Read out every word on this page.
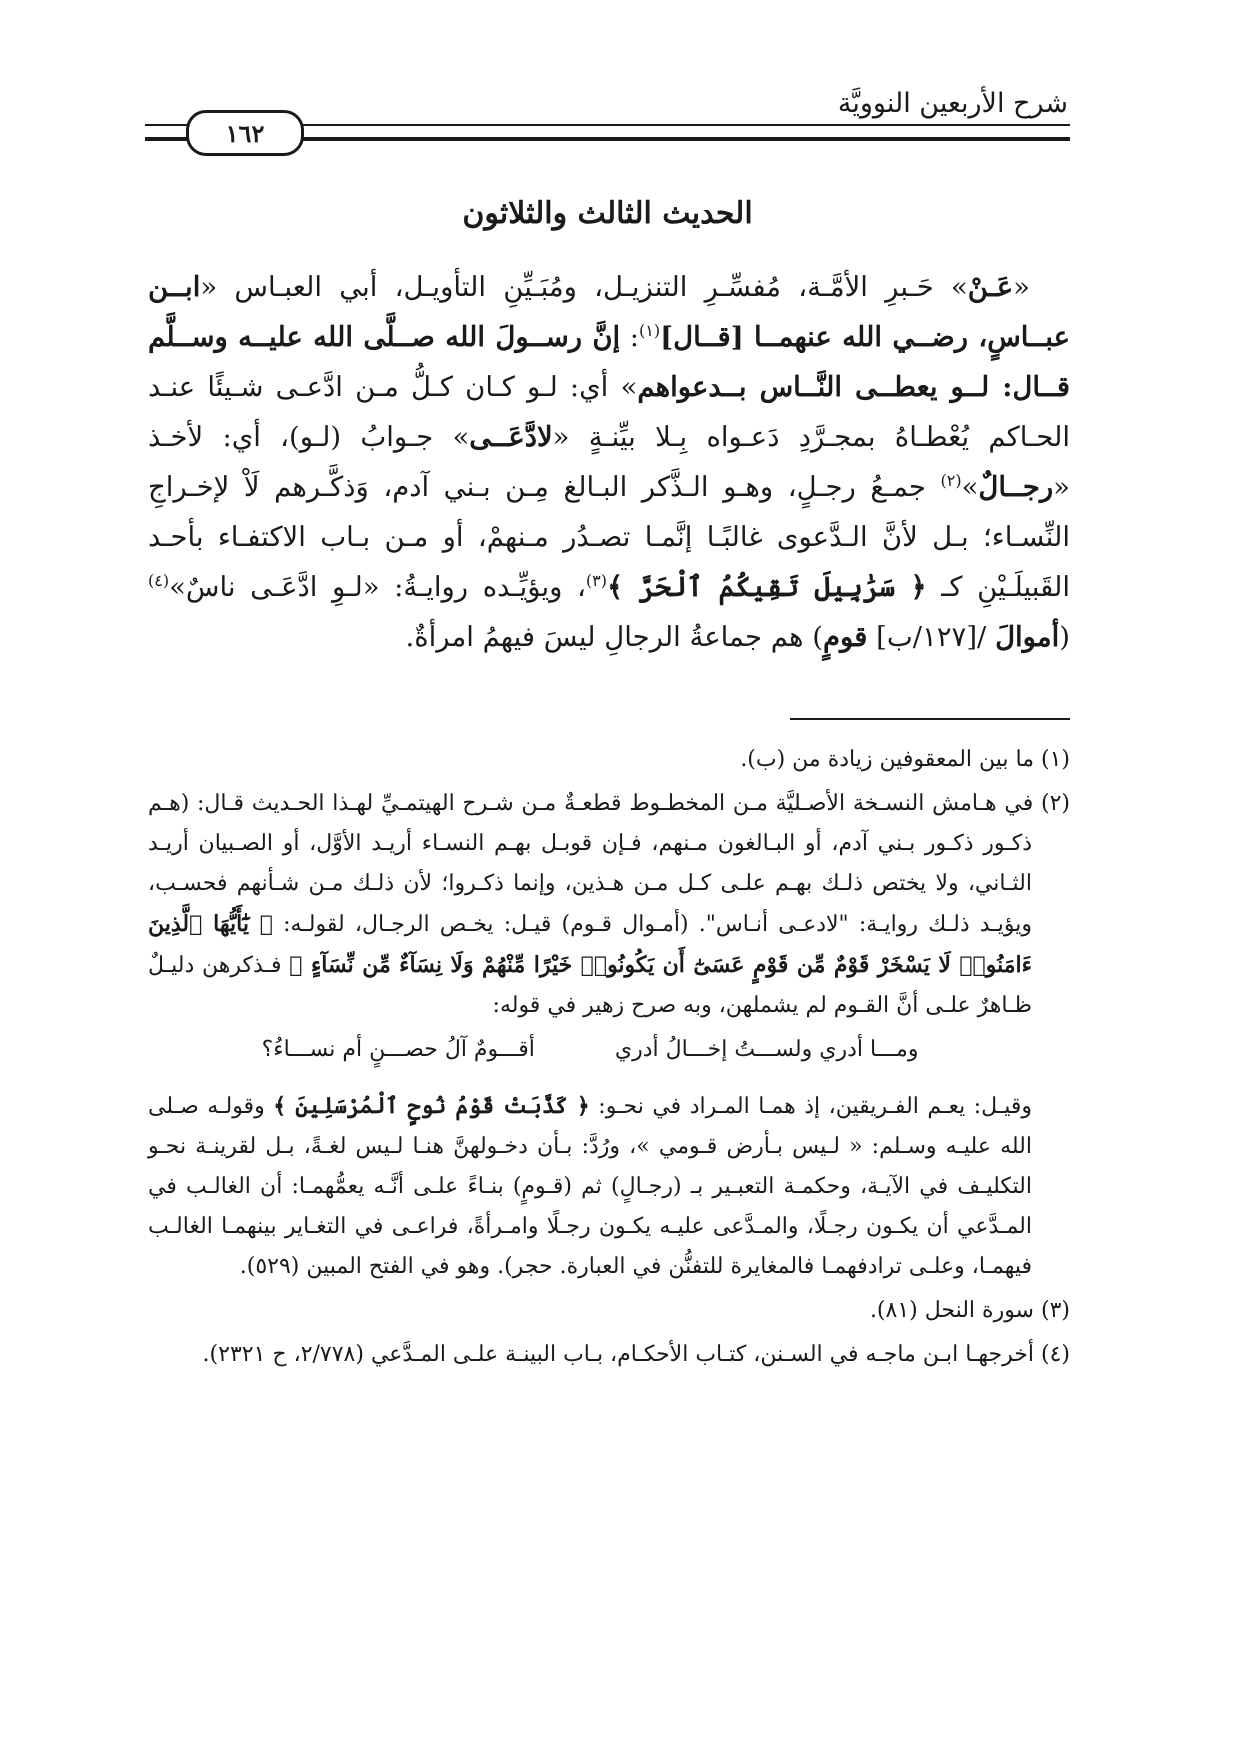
شرح الأربعين النوويَّة
١٦٢
الحديث الثالث والثلاثون

«عَـنْ» حَـبرِ الأمَّـة، مُفسِّـرِ التنزيـل، ومُبَـيِّنِ التأويـل، أبي العبـاس «ابــن عبــاسٍ، رضــي الله عنهمــا [قــال]$^{(١)}$: إنَّ رســولَ الله صــلَّى الله عليــه وســلَّم قــال: لــو يعطــى النَّــاس بــدعواهم» أي: لـو كـان كـلُّ مـن ادَّعـى شـيئًا عنـد الحـاكم يُعْطـاهُ بمجـرَّدِ دَعـواه بِـلا بيِّنـةٍ «لادَّعَــى» جـوابُ (لـو)، أي: لأخـذ «رجــالٌ»$^{(٢)}$ جمـعُ رجـلٍ، وهـو الـذَّكر البـالغ مِـن بـني آدم، وَذكَّـرهم لَاْ لإخـراجِ النِّسـاء؛ بـل لأنَّ الـدَّعوى غالبًـا إنَّمـا تصـدُر مـنهمْ، أو مـن بـاب الاكتفـاء بأحـد القَبيلَـيْنِ كـ ﴿ سَرَٰبِيلَ تَقِيكُمُ ٱلْحَرَّ ﴾$^{(٣)}$، ويؤيِّـده روايـةُ: «لـوِ ادَّعَـى ناسٌ»$^{(٤)}$ (أموالَ /[١٢٧/ب] قومٍ) هم جماعةُ الرجالِ ليسَ فيهمُ امرأةٌ.

(١) ما بين المعقوفين زيادة من (ب).

(٢) في هـامش النسـخة الأصـليَّة مـن المخطـوط قطعـةٌ مـن شـرح الهيتمـيِّ لهـذا الحـديث قـال: (هـم ذكـور ذكـور بـني آدم، أو البـالغون مـنهم، فـإن قوبـل بهـم النسـاء أريـد الأوَّل، أو الصـبيان أريـد الثـاني، ولا يختص ذلـك بهـم علـى كـل مـن هـذين، وإنما ذكـروا؛ لأن ذلـك مـن شـأنهم فحسـب، ويؤيـد ذلـك روايـة: "لادعـى أنـاس". (أمـوال قـوم) قيـل: يخـص الرجـال، لقولـه: ﴿ يَٰٓأَيُّهَا ٱلَّذِينَ ءَامَنُوا۟ لَا يَسْخَرْ قَوْمٌ مِّن قَوْمٍ عَسَىٰٓ أَن يَكُونُوا۟ خَيْرًا مِّنْهُمْ وَلَا نِسَآءٌ مِّن نِّسَآءٍ ﴾ فـذكرهن دليـلٌ ظـاهرٌ علـى أنَّ القـوم لم يشملهن، وبه صرح زهير في قوله:
ومـــا أدري ولســـتُ إخـــالُ أدري
أقـــومٌ آلُ حصـــنٍ أم نســـاءُ؟
وقيـل: يعـم الفـريقين، إذ همـا المـراد في نحـو: ﴿ كَذَّبَتْ قَوْمُ نُوحٍ ٱلْمُرْسَلِينَ ﴾ وقولـه صـلى الله عليـه وسـلم: « لـيس بـأرض قـومي »، ورُدَّ: بـأن دخـولهنَّ هنـا لـيس لغـةً، بـل لقرينـة نحـو التكليـف في الآيـة، وحكمـة التعبـير بـ (رجـالٍ) ثم (قـومٍ) بنـاءً علـى أنَّـه يعمُّهمـا: أن الغالـب في المـدَّعي أن يكـون رجـلًا، والمـدَّعى عليـه يكـون رجـلًا وامـرأةً، فراعـى في التغـاير بينهمـا الغالـب فيهمـا، وعلـى ترادفهمـا فالمغايرة للتفنُّن في العبارة. حجر). وهو في الفتح المبين (٥٢٩).

(٣) سورة النحل (٨١).

(٤) أخرجهـا ابـن ماجـه في السـنن، كتـاب الأحكـام، بـاب البينـة علـى المـدَّعي (٢/٧٧٨، ح ٢٣٢١).
